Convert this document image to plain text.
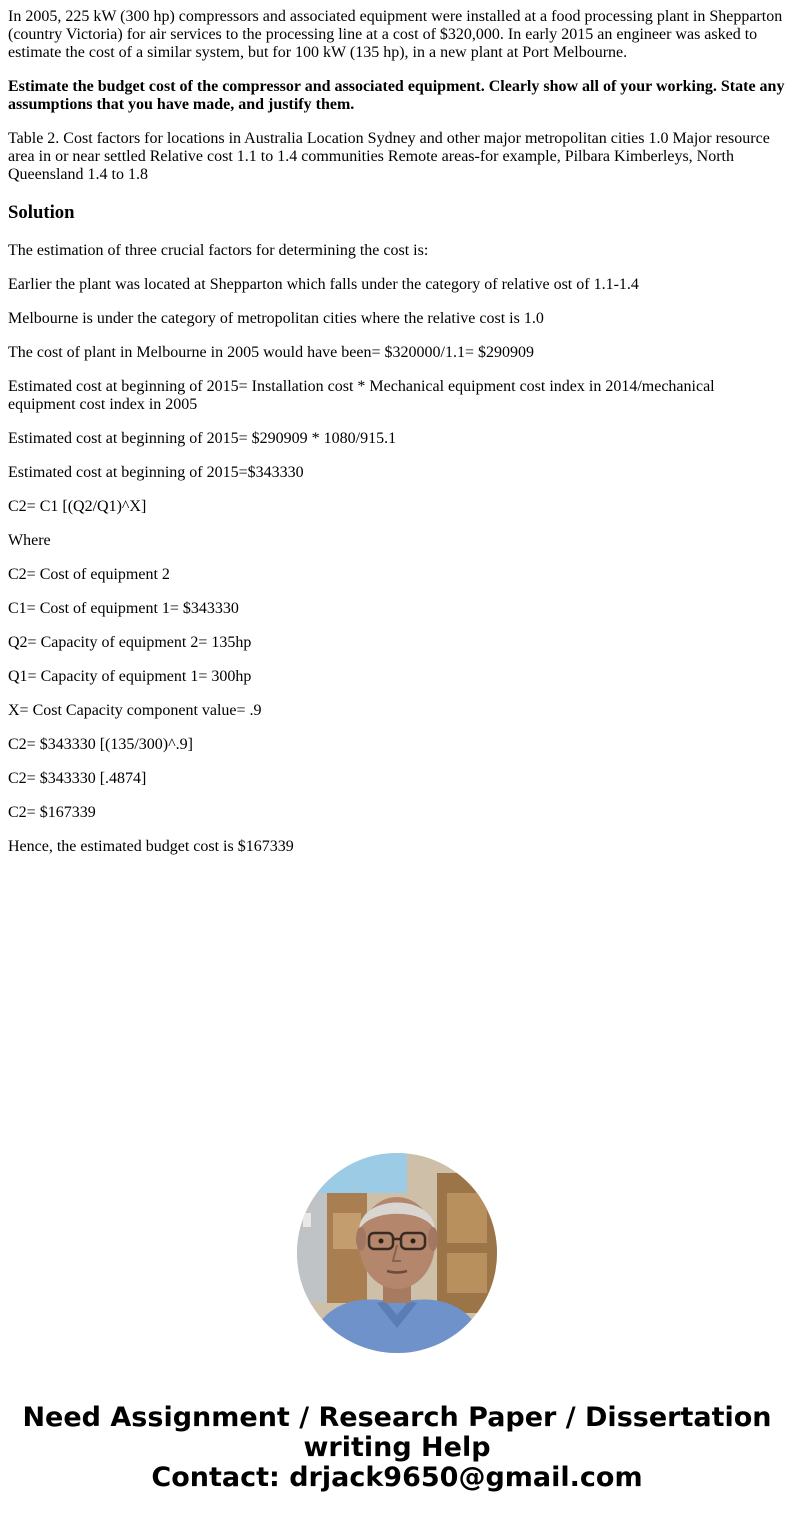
In 2005, 225 kW (300 hp) compressors and associated equipment were installed at a food processing plant in Shepparton (country Victoria) for air services to the processing line at a cost of $320,000. In early 2015 an engineer was asked to estimate the cost of a similar system, but for 100 kW (135 hp), in a new plant at Port Melbourne.

Estimate the budget cost of the compressor and associated equipment. Clearly show all of your working. State any assumptions that you have made, and justify them.

Table 2. Cost factors for locations in Australia Location Sydney and other major metropolitan cities 1.0 Major resource area in or near settled Relative cost 1.1 to 1.4 communities Remote areas-for example, Pilbara Kimberleys, North Queensland 1.4 to 1.8

Solution

The estimation of three crucial factors for determining the cost is:

Earlier the plant was located at Shepparton which falls under the category of relative ost of 1.1-1.4

Melbourne is under the category of metropolitan cities where the relative cost is 1.0

The cost of plant in Melbourne in 2005 would have been= $320000/1.1= $290909

Estimated cost at beginning of 2015= Installation cost * Mechanical equipment cost index in 2014/mechanical equipment cost index in 2005

Estimated cost at beginning of 2015= $290909 * 1080/915.1

Estimated cost at beginning of 2015=$343330

C2= C1 [(Q2/Q1)^X]

Where

C2= Cost of equipment 2

C1= Cost of equipment 1= $343330

Q2= Capacity of equipment 2= 135hp

Q1= Capacity of equipment 1= 300hp

X= Cost Capacity component value= .9

C2= $343330 [(135/300)^.9]

C2= $343330 [.4874]

C2= $167339

Hence, the estimated budget cost is $167339

Need Assignment / Research Paper / Dissertation
writing Help
Contact: drjack9650@gmail.com
